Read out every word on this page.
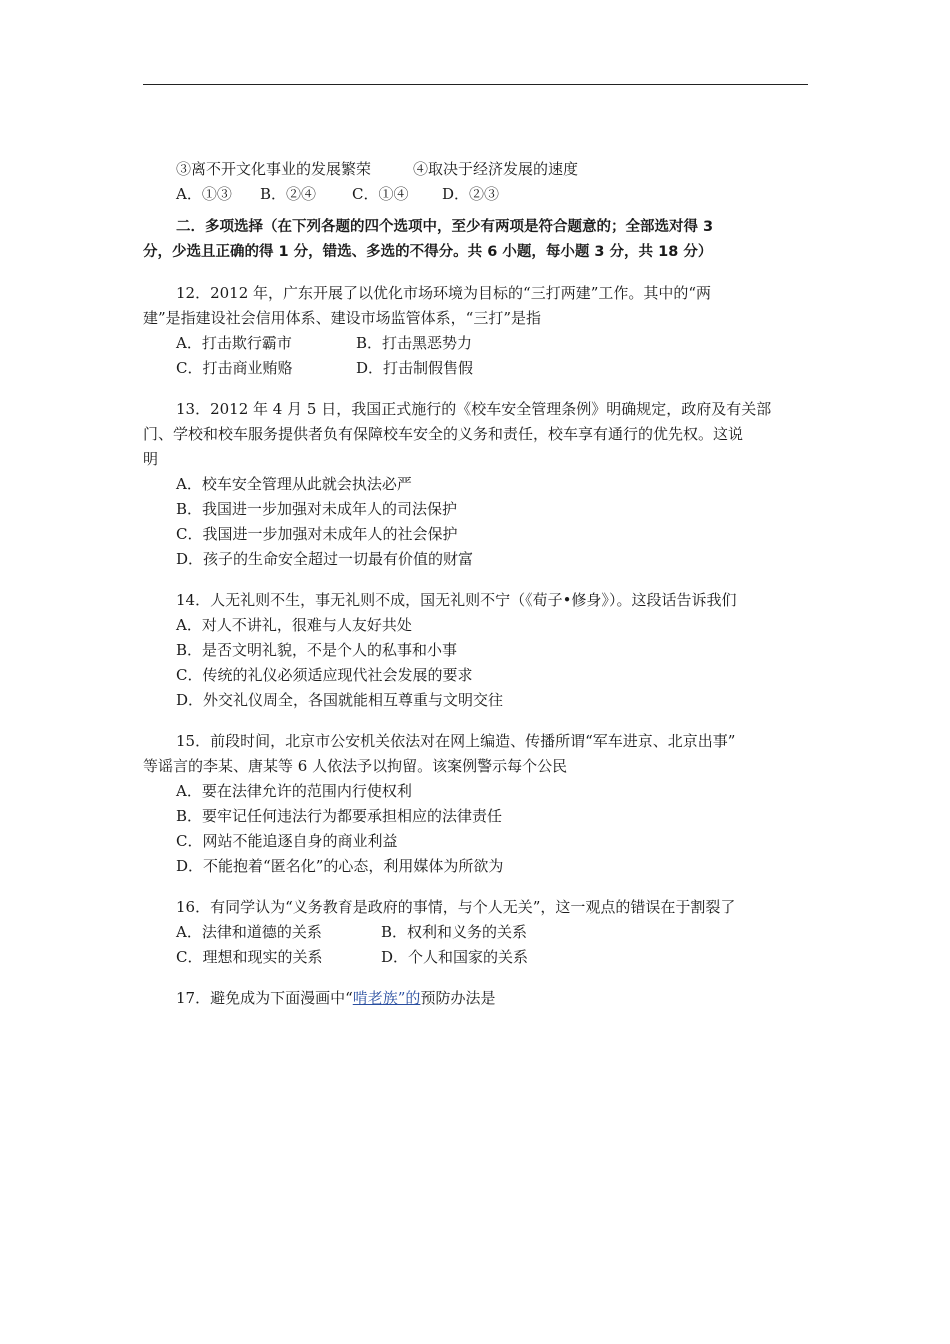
③离不开文化事业的发展繁荣	④取决于经济发展的速度
A．①③ B．②④ C．①④ D．②③
二．多项选择（在下列各题的四个选项中，至少有两项是符合题意的；全部选对得 3
分，少选且正确的得 1 分，错选、多选的不得分。共 6 小题，每小题 3 分，共 18 分）
12．2012 年，广东开展了以优化市场环境为目标的“三打两建”工作。其中的“两
建”是指建设社会信用体系、建设市场监管体系，“三打”是指
A．打击欺行霸市	B．打击黑恶势力
C．打击商业贿赂	D．打击制假售假
13．2012 年 4 月 5 日，我国正式施行的《校车安全管理条例》明确规定，政府及有关部
门、学校和校车服务提供者负有保障校车安全的义务和责任，校车享有通行的优先权。这说
明
A．校车安全管理从此就会执法必严
B．我国进一步加强对未成年人的司法保护
C．我国进一步加强对未成年人的社会保护
D．孩子的生命安全超过一切最有价值的财富
14．人无礼则不生，事无礼则不成，国无礼则不宁（《荀子•修身》）。这段话告诉我们
A．对人不讲礼，很难与人友好共处
B．是否文明礼貌，不是个人的私事和小事
C．传统的礼仪必须适应现代社会发展的要求
D．外交礼仪周全，各国就能相互尊重与文明交往
15．前段时间，北京市公安机关依法对在网上编造、传播所谓“军车进京、北京出事”
等谣言的李某、唐某等 6 人依法予以拘留。该案例警示每个公民
A．要在法律允许的范围内行使权利
B．要牢记任何违法行为都要承担相应的法律责任
C．网站不能追逐自身的商业利益
D．不能抱着“匿名化”的心态，利用媒体为所欲为
16．有同学认为“义务教育是政府的事情，与个人无关”，这一观点的错误在于割裂了
A．法律和道德的关系	B．权利和义务的关系
C．理想和现实的关系	D．个人和国家的关系
17．避免成为下面漫画中“啃老族”的预防办法是
